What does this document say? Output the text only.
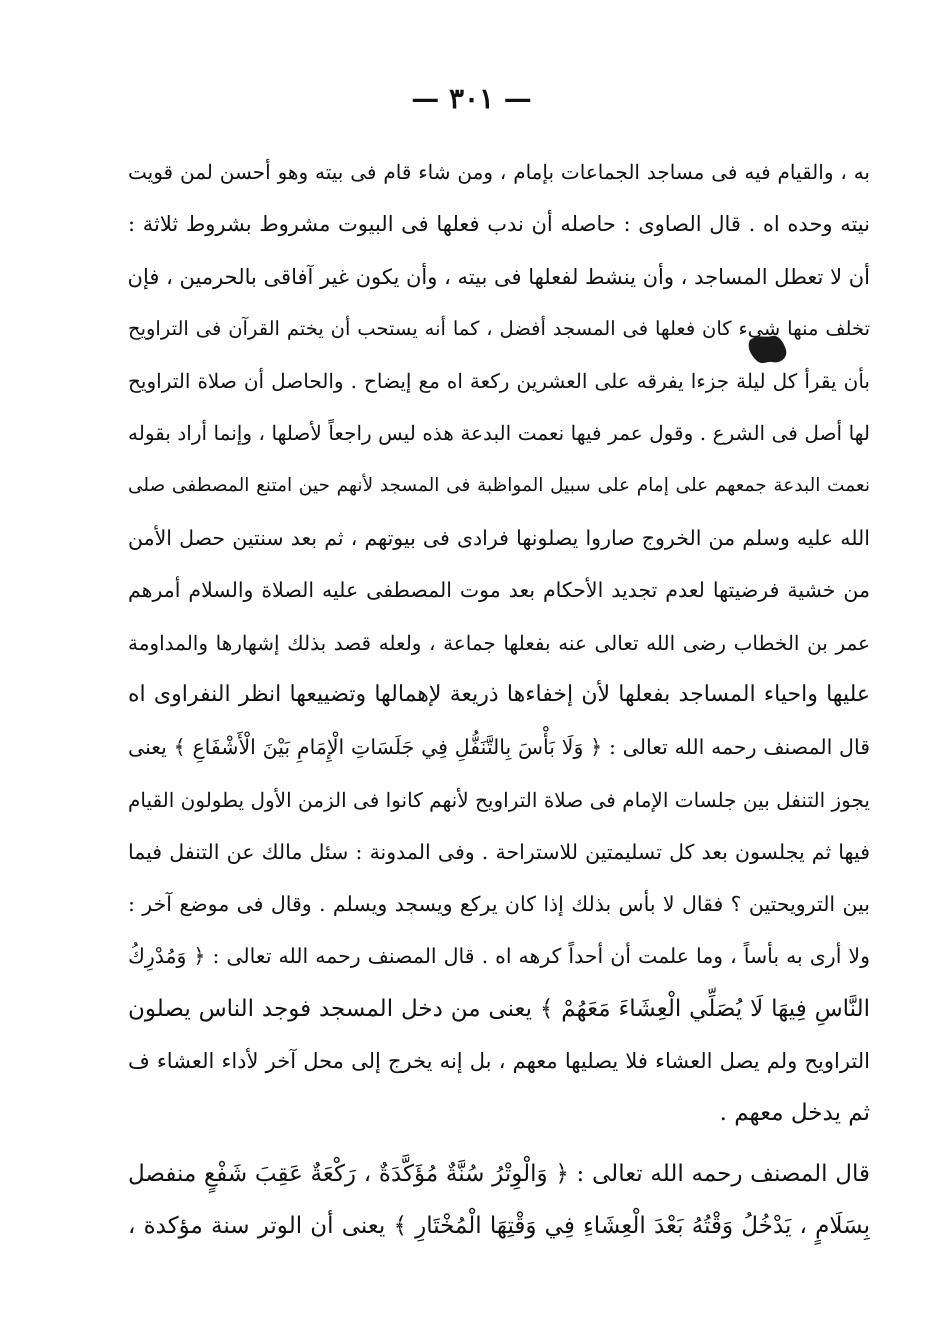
— ٣٠١ —
به ، والقيام فيه فى مساجد الجماعات بإمام ، ومن شاء قام فى بيته وهو أحسن لمن قويت
نيته وحده اه . قال الصاوى : حاصله أن ندب فعلها فى البيوت مشروط بشروط ثلاثة :
أن لا تعطل المساجد ، وأن ينشط لفعلها فى بيته ، وأن يكون غير آفاقى بالحرمين ، فإن
تخلف منها شىء كان فعلها فى المسجد أفضل ، كما أنه يستحب أن يختم القرآن فى التراويح
بأن يقرأ كل ليلة جزءا يفرقه على العشرين ركعة اه مع إيضاح . والحاصل أن صلاة التراويح
لها أصل فى الشرع . وقول عمر فيها نعمت البدعة هذه ليس راجعاً لأصلها ، وإنما أراد بقوله
نعمت البدعة جمعهم على إمام على سبيل المواظبة فى المسجد لأنهم حين امتنع المصطفى صلى
الله عليه وسلم من الخروج صاروا يصلونها فرادى فى بيوتهم ، ثم بعد سنتين حصل الأمن
من خشية فرضيتها لعدم تجديد الأحكام بعد موت المصطفى عليه الصلاة والسلام أمرهم
عمر بن الخطاب رضى الله تعالى عنه بفعلها جماعة ، ولعله قصد بذلك إشهارها والمداومة
عليها واحياء المساجد بفعلها لأن إخفاءها ذريعة لإهمالها وتضييعها انظر النفراوى اه
قال المصنف رحمه الله تعالى : ﴿ وَلَا بَأْسَ بِالتَّنَفُّلِ فِي جَلَسَاتِ الْإِمَامِ بَيْنَ الْأَشْفَاعِ ﴾ يعنى
يجوز التنفل بين جلسات الإمام فى صلاة التراويح لأنهم كانوا فى الزمن الأول يطولون القيام
فيها ثم يجلسون بعد كل تسليمتين للاستراحة . وفى المدونة : سئل مالك عن التنفل فيما
بين الترويحتين ؟ فقال لا بأس بذلك إذا كان يركع ويسجد ويسلم . وقال فى موضع آخر :
ولا أرى به بأساً ، وما علمت أن أحداً كرهه اه . قال المصنف رحمه الله تعالى : ﴿ وَمُدْرِكُ
النَّاسِ فِيهَا لَا يُصَلِّي الْعِشَاءَ مَعَهُمْ ﴾ يعنى من دخل المسجد فوجد الناس يصلون
التراويح ولم يصل العشاء فلا يصليها معهم ، بل إنه يخرج إلى محل آخر لأداء العشاء ف
ثم يدخل معهم .
قال المصنف رحمه الله تعالى : ﴿ وَالْوِتْرُ سُنَّةٌ مُؤَكَّدَةٌ ، رَكْعَةٌ عَقِبَ شَفْعٍ منفصل
بِسَلَامٍ ، يَدْخُلُ وَقْتُهُ بَعْدَ الْعِشَاءِ فِي وَقْتِهَا الْمُخْتَارِ ﴾ يعنى أن الوتر سنة مؤكدة ،
